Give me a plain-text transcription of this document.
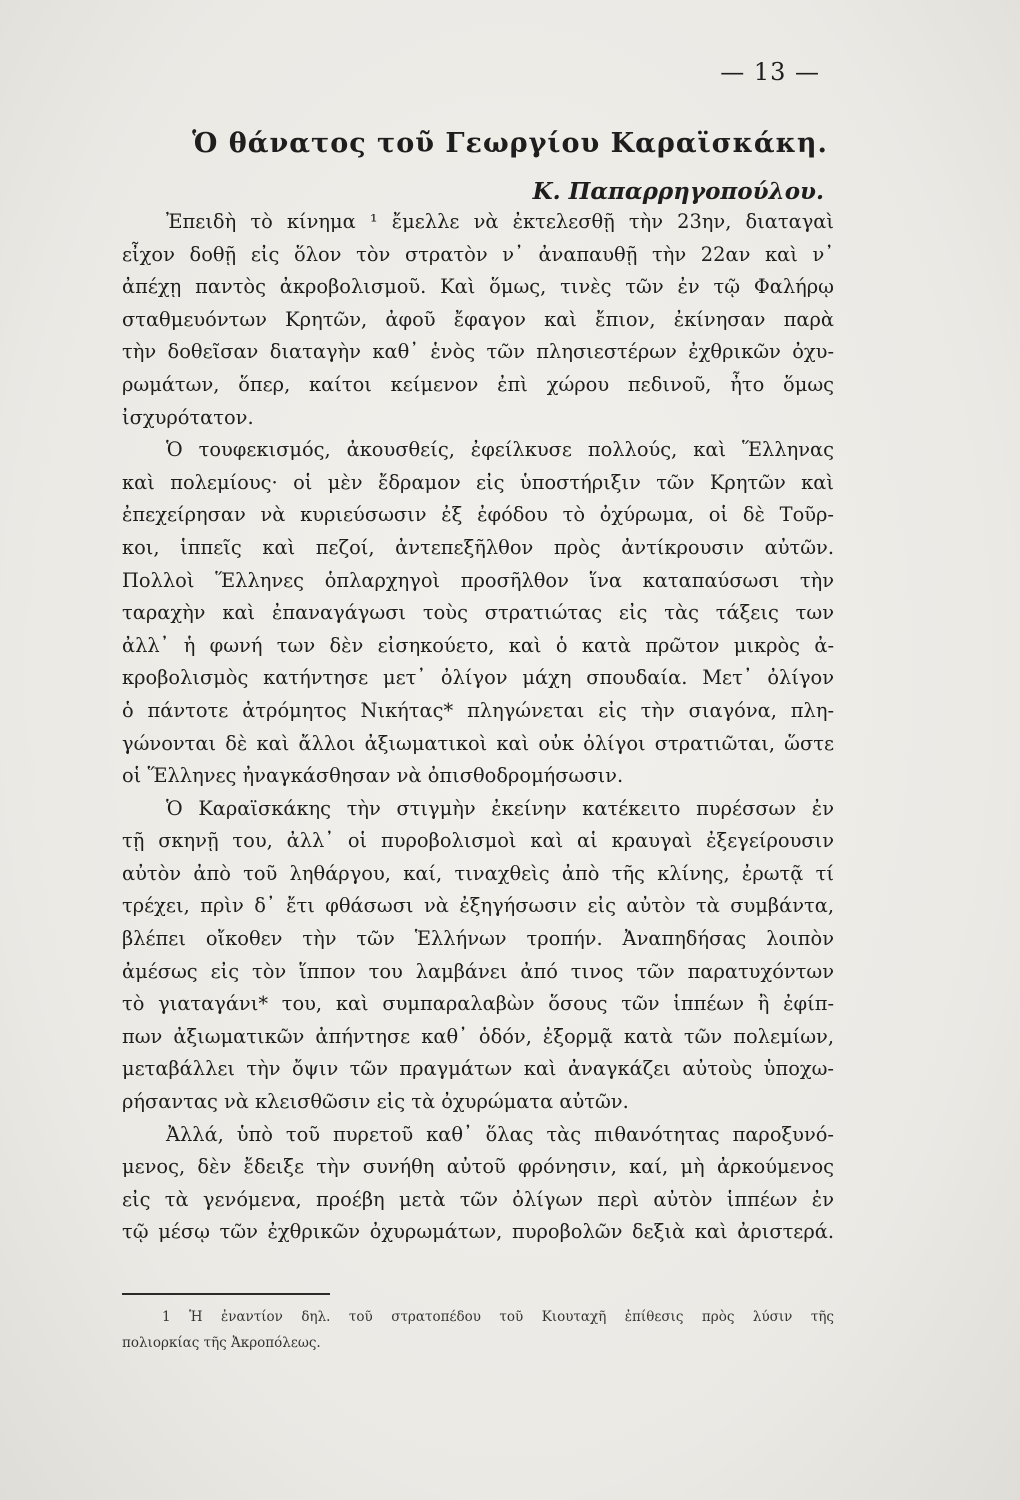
— 13 —
Ὁ θάνατος τοῦ Γεωργίου Καραϊσκάκη.
Κ. Παπαρρηγοπούλου.
Ἐπειδὴ τὸ κίνημα ¹ ἔμελλε νὰ ἐκτελεσθῇ τὴν 23ην, διαταγαὶ
εἶχον δοθῇ εἰς ὅλον τὸν στρατὸν ν᾽ ἀναπαυθῇ τὴν 22αν καὶ ν᾽
ἀπέχῃ παντὸς ἀκροβολισμοῦ. Καὶ ὅμως, τινὲς τῶν ἐν τῷ Φαλήρῳ
σταθμευόντων Κρητῶν, ἀφοῦ ἔφαγον καὶ ἔπιον, ἐκίνησαν παρὰ
τὴν δοθεῖσαν διαταγὴν καθ᾽ ἑνὸς τῶν πλησιεστέρων ἐχθρικῶν ὀχυ-
ρωμάτων, ὅπερ, καίτοι κείμενον ἐπὶ χώρου πεδινοῦ, ἦτο ὅμως
ἰσχυρότατον.
Ὁ τουφεκισμός, ἀκουσθείς, ἐφείλκυσε πολλούς, καὶ Ἕλληνας
καὶ πολεμίους· οἱ μὲν ἔδραμον εἰς ὑποστήριξιν τῶν Κρητῶν καὶ
ἐπεχείρησαν νὰ κυριεύσωσιν ἐξ ἐφόδου τὸ ὀχύρωμα, οἱ δὲ Τοῦρ-
κοι, ἱππεῖς καὶ πεζοί, ἀντεπεξῆλθον πρὸς ἀντίκρουσιν αὐτῶν.
Πολλοὶ Ἕλληνες ὁπλαρχηγοὶ προσῆλθον ἵνα καταπαύσωσι τὴν
ταραχὴν καὶ ἐπαναγάγωσι τοὺς στρατιώτας εἰς τὰς τάξεις των
ἀλλ᾽ ἡ φωνή των δὲν εἰσηκούετο, καὶ ὁ κατὰ πρῶτον μικρὸς ἀ-
κροβολισμὸς κατήντησε μετ᾽ ὀλίγον μάχη σπουδαία. Μετ᾽ ὀλίγον
ὁ πάντοτε ἀτρόμητος Νικήτας* πληγώνεται εἰς τὴν σιαγόνα, πλη-
γώνονται δὲ καὶ ἄλλοι ἀξιωματικοὶ καὶ οὐκ ὀλίγοι στρατιῶται, ὥστε
οἱ Ἕλληνες ἠναγκάσθησαν νὰ ὀπισθοδρομήσωσιν.
Ὁ Καραϊσκάκης τὴν στιγμὴν ἐκείνην κατέκειτο πυρέσσων ἐν
τῇ σκηνῇ του, ἀλλ᾽ οἱ πυροβολισμοὶ καὶ αἱ κραυγαὶ ἐξεγείρουσιν
αὐτὸν ἀπὸ τοῦ ληθάργου, καί, τιναχθεὶς ἀπὸ τῆς κλίνης, ἐρωτᾷ τί
τρέχει, πρὶν δ᾽ ἔτι φθάσωσι νὰ ἐξηγήσωσιν εἰς αὐτὸν τὰ συμβάντα,
βλέπει οἴκοθεν τὴν τῶν Ἑλλήνων τροπήν. Ἀναπηδήσας λοιπὸν
ἀμέσως εἰς τὸν ἵππον του λαμβάνει ἀπό τινος τῶν παρατυχόντων
τὸ γιαταγάνι* του, καὶ συμπαραλαβὼν ὅσους τῶν ἱππέων ἢ ἐφίπ-
πων ἀξιωματικῶν ἀπήντησε καθ᾽ ὁδόν, ἐξορμᾷ κατὰ τῶν πολεμίων,
μεταβάλλει τὴν ὄψιν τῶν πραγμάτων καὶ ἀναγκάζει αὐτοὺς ὑποχω-
ρήσαντας νὰ κλεισθῶσιν εἰς τὰ ὀχυρώματα αὐτῶν.
Ἀλλά, ὑπὸ τοῦ πυρετοῦ καθ᾽ ὅλας τὰς πιθανότητας παροξυνό-
μενος, δὲν ἔδειξε τὴν συνήθη αὐτοῦ φρόνησιν, καί, μὴ ἀρκούμενος
εἰς τὰ γενόμενα, προέβη μετὰ τῶν ὀλίγων περὶ αὐτὸν ἱππέων ἐν
τῷ μέσῳ τῶν ἐχθρικῶν ὀχυρωμάτων, πυροβολῶν δεξιὰ καὶ ἀριστερά.
1 Ἡ ἐναντίον δηλ. τοῦ στρατοπέδου τοῦ Κιουταχῆ ἐπίθεσις πρὸς λύσιν τῆς
πολιορκίας τῆς Ἀκροπόλεως.
